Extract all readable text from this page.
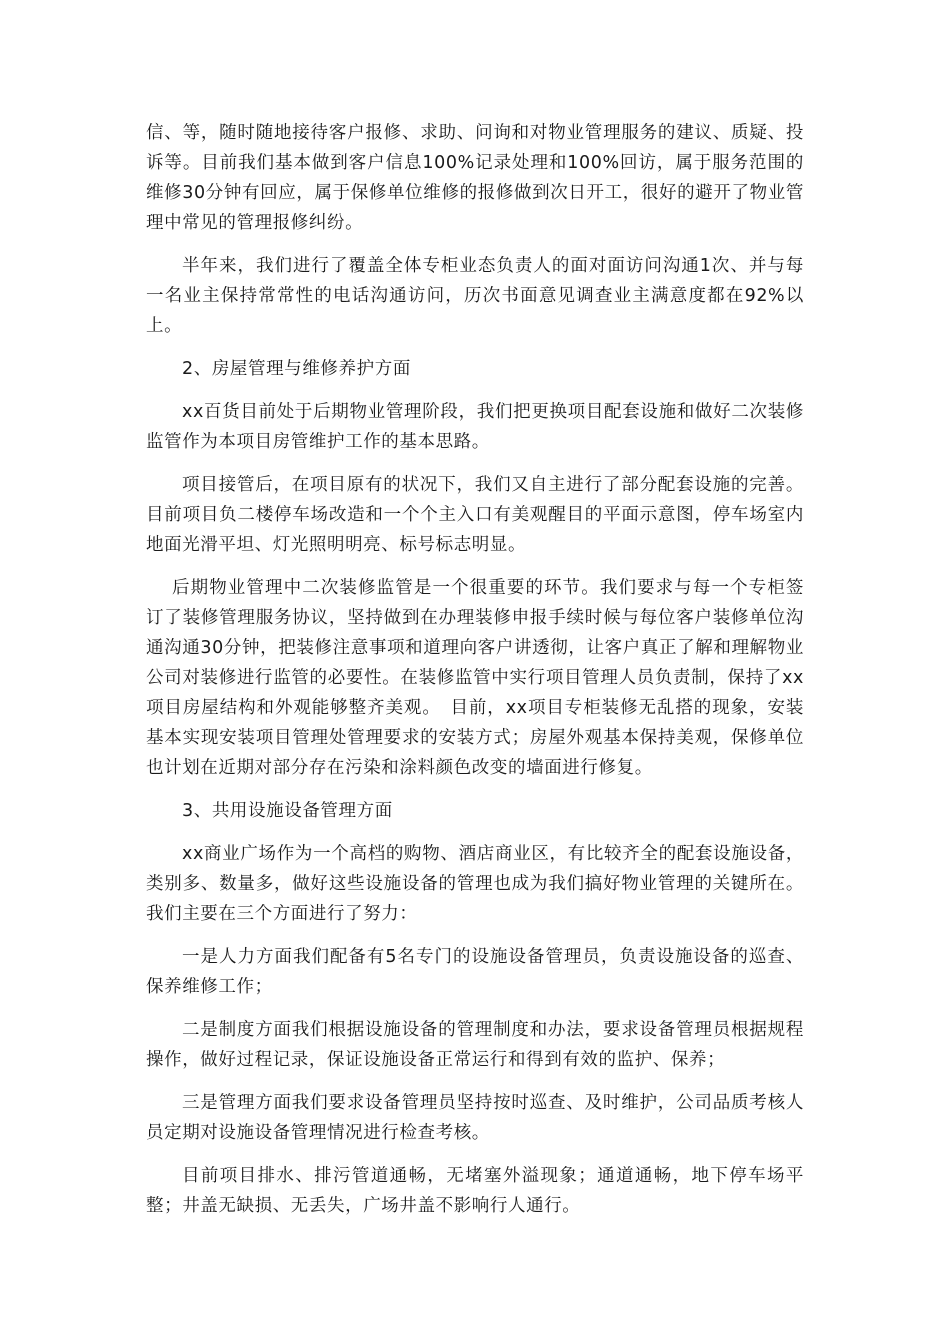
信、等，随时随地接待客户报修、求助、问询和对物业管理服务的建议、质疑、投诉等。目前我们基本做到客户信息100%记录处理和100%回访，属于服务范围的维修30分钟有回应，属于保修单位维修的报修做到次日开工，很好的避开了物业管理中常见的管理报修纠纷。

半年来，我们进行了覆盖全体专柜业态负责人的面对面访问沟通1次、并与每一名业主保持常常性的电话沟通访问，历次书面意见调查业主满意度都在92%以上。

2、房屋管理与维修养护方面

xx百货目前处于后期物业管理阶段，我们把更换项目配套设施和做好二次装修监管作为本项目房管维护工作的基本思路。

项目接管后，在项目原有的状况下，我们又自主进行了部分配套设施的完善。目前项目负二楼停车场改造和一个个主入口有美观醒目的平面示意图，停车场室内地面光滑平坦、灯光照明明亮、标号标志明显。

后期物业管理中二次装修监管是一个很重要的环节。我们要求与每一个专柜签订了装修管理服务协议，坚持做到在办理装修申报手续时候与每位客户装修单位沟通沟通30分钟，把装修注意事项和道理向客户讲透彻，让客户真正了解和理解物业公司对装修进行监管的必要性。在装修监管中实行项目管理人员负责制，保持了xx项目房屋结构和外观能够整齐美观。　目前，xx项目专柜装修无乱搭的现象，安装基本实现安装项目管理处管理要求的安装方式；房屋外观基本保持美观，保修单位也计划在近期对部分存在污染和涂料颜色改变的墙面进行修复。

3、共用设施设备管理方面

xx商业广场作为一个高档的购物、酒店商业区，有比较齐全的配套设施设备，类别多、数量多，做好这些设施设备的管理也成为我们搞好物业管理的关键所在。我们主要在三个方面进行了努力：

一是人力方面我们配备有5名专门的设施设备管理员，负责设施设备的巡查、保养维修工作；

二是制度方面我们根据设施设备的管理制度和办法，要求设备管理员根据规程操作，做好过程记录，保证设施设备正常运行和得到有效的监护、保养；

三是管理方面我们要求设备管理员坚持按时巡查、及时维护，公司品质考核人员定期对设施设备管理情况进行检查考核。

目前项目排水、排污管道通畅，无堵塞外溢现象；通道通畅，地下停车场平整；井盖无缺损、无丢失，广场井盖不影响行人通行。
